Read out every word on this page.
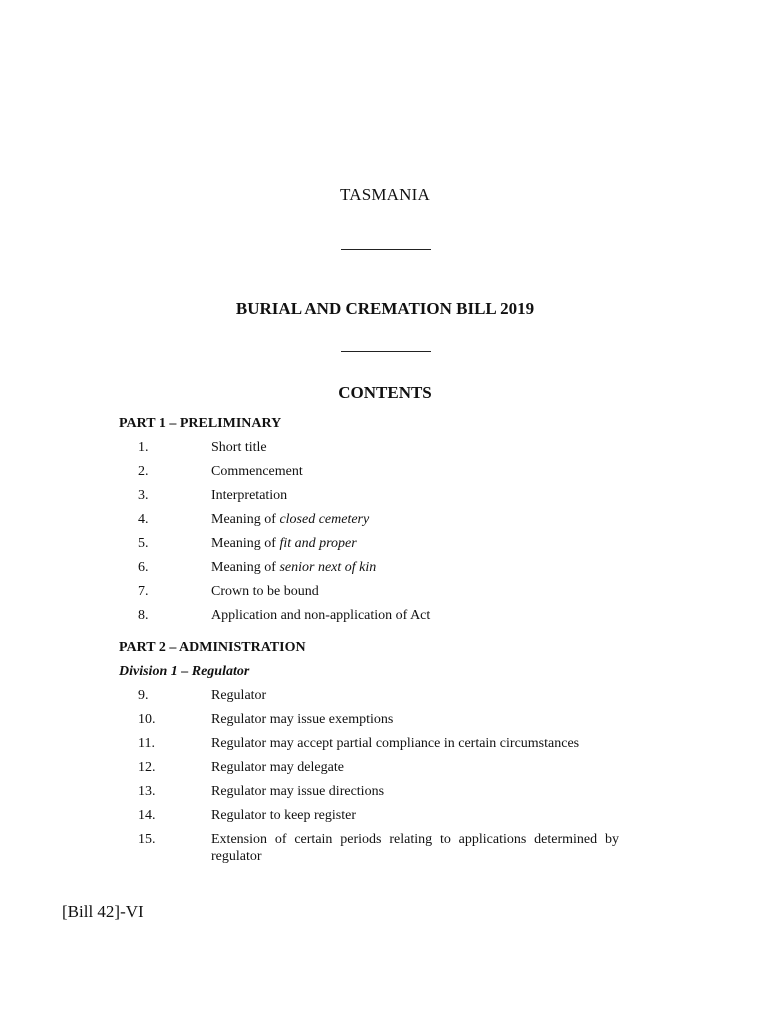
TASMANIA
BURIAL AND CREMATION BILL 2019
CONTENTS
PART 1 – PRELIMINARY
1.	Short title
2.	Commencement
3.	Interpretation
4.	Meaning of closed cemetery
5.	Meaning of fit and proper
6.	Meaning of senior next of kin
7.	Crown to be bound
8.	Application and non-application of Act
PART 2 – ADMINISTRATION
Division 1 – Regulator
9.	Regulator
10.	Regulator may issue exemptions
11.	Regulator may accept partial compliance in certain circumstances
12.	Regulator may delegate
13.	Regulator may issue directions
14.	Regulator to keep register
15.	Extension of certain periods relating to applications determined by regulator
[Bill 42]-VI
